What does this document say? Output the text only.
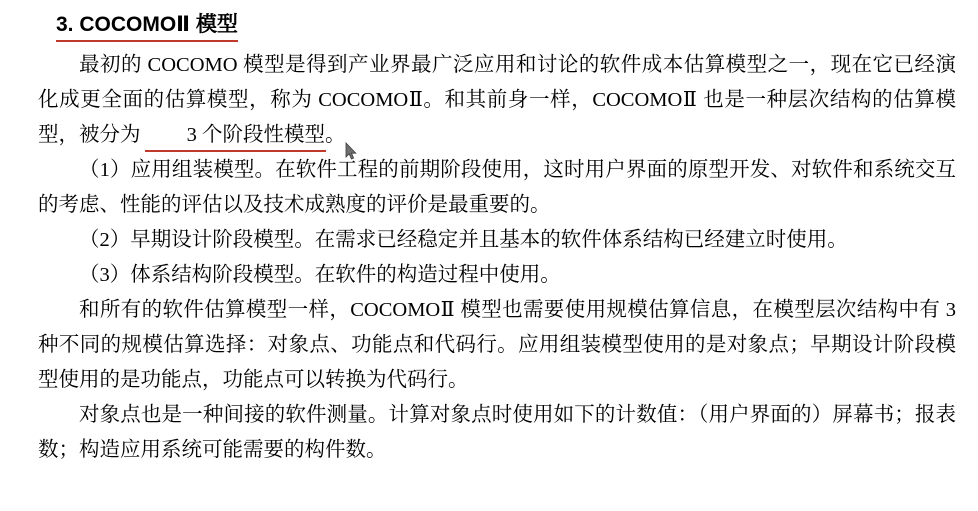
3. COCOMOⅡ 模型

最初的 COCOMO 模型是得到产业界最广泛应用和讨论的软件成本估算模型之一，现在它已经演化成更全面的估算模型，称为 COCOMOⅡ。和其前身一样，COCOMOⅡ 也是一种层次结构的估算模型，被分为 3 个阶段性模型。

（1）应用组装模型。在软件工程的前期阶段使用，这时用户界面的原型开发、对软件和系统交互的考虑、性能的评估以及技术成熟度的评价是最重要的。

（2）早期设计阶段模型。在需求已经稳定并且基本的软件体系结构已经建立时使用。

（3）体系结构阶段模型。在软件的构造过程中使用。

和所有的软件估算模型一样，COCOMOⅡ 模型也需要使用规模估算信息，在模型层次结构中有 3 种不同的规模估算选择：对象点、功能点和代码行。应用组装模型使用的是对象点；早期设计阶段模型使用的是功能点，功能点可以转换为代码行。

对象点也是一种间接的软件测量。计算对象点时使用如下的计数值：（用户界面的）屏幕书；报表数；构造应用系统可能需要的构件数。
